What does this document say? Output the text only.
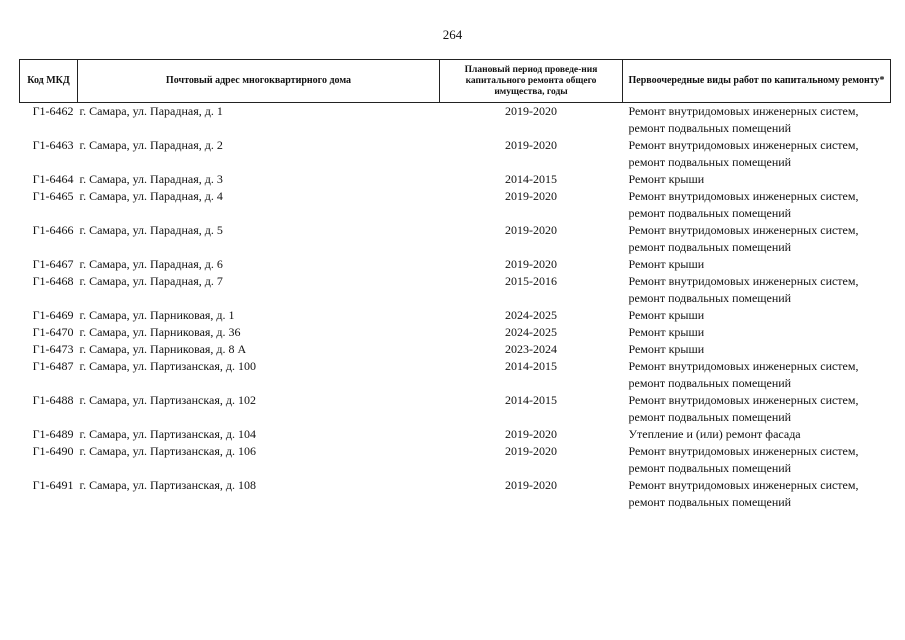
264
Код МКД	Почтовый адрес многоквартирного дома	Плановый период проведе-ния капитального ремонта общего имущества, годы	Первоочередные виды работ по капитальному ремонту*
Г1-6462	г. Самара, ул. Парадная, д. 1	2019-2020	Ремонт внутридомовых инженерных систем,
ремонт подвальных помещений

Г1-6463	г. Самара, ул. Парадная, д. 2	2019-2020	Ремонт внутридомовых инженерных систем,
ремонт подвальных помещений

Г1-6464	г. Самара, ул. Парадная, д. 3	2014-2015	Ремонт крыши

Г1-6465	г. Самара, ул. Парадная, д. 4	2019-2020	Ремонт внутридомовых инженерных систем,
ремонт подвальных помещений

Г1-6466	г. Самара, ул. Парадная, д. 5	2019-2020	Ремонт внутридомовых инженерных систем,
ремонт подвальных помещений

Г1-6467	г. Самара, ул. Парадная, д. 6	2019-2020	Ремонт крыши

Г1-6468	г. Самара, ул. Парадная, д. 7	2015-2016	Ремонт внутридомовых инженерных систем,
ремонт подвальных помещений

Г1-6469	г. Самара, ул. Парниковая, д. 1	2024-2025	Ремонт крыши

Г1-6470	г. Самара, ул. Парниковая, д. 36	2024-2025	Ремонт крыши

Г1-6473	г. Самара, ул. Парниковая, д. 8 А	2023-2024	Ремонт крыши

Г1-6487	г. Самара, ул. Партизанская, д. 100	2014-2015	Ремонт внутридомовых инженерных систем,
ремонт подвальных помещений

Г1-6488	г. Самара, ул. Партизанская, д. 102	2014-2015	Ремонт внутридомовых инженерных систем,
ремонт подвальных помещений

Г1-6489	г. Самара, ул. Партизанская, д. 104	2019-2020	Утепление и (или) ремонт фасада

Г1-6490	г. Самара, ул. Партизанская, д. 106	2019-2020	Ремонт внутридомовых инженерных систем,
ремонт подвальных помещений

Г1-6491	г. Самара, ул. Партизанская, д. 108	2019-2020	Ремонт внутридомовых инженерных систем,
ремонт подвальных помещений
